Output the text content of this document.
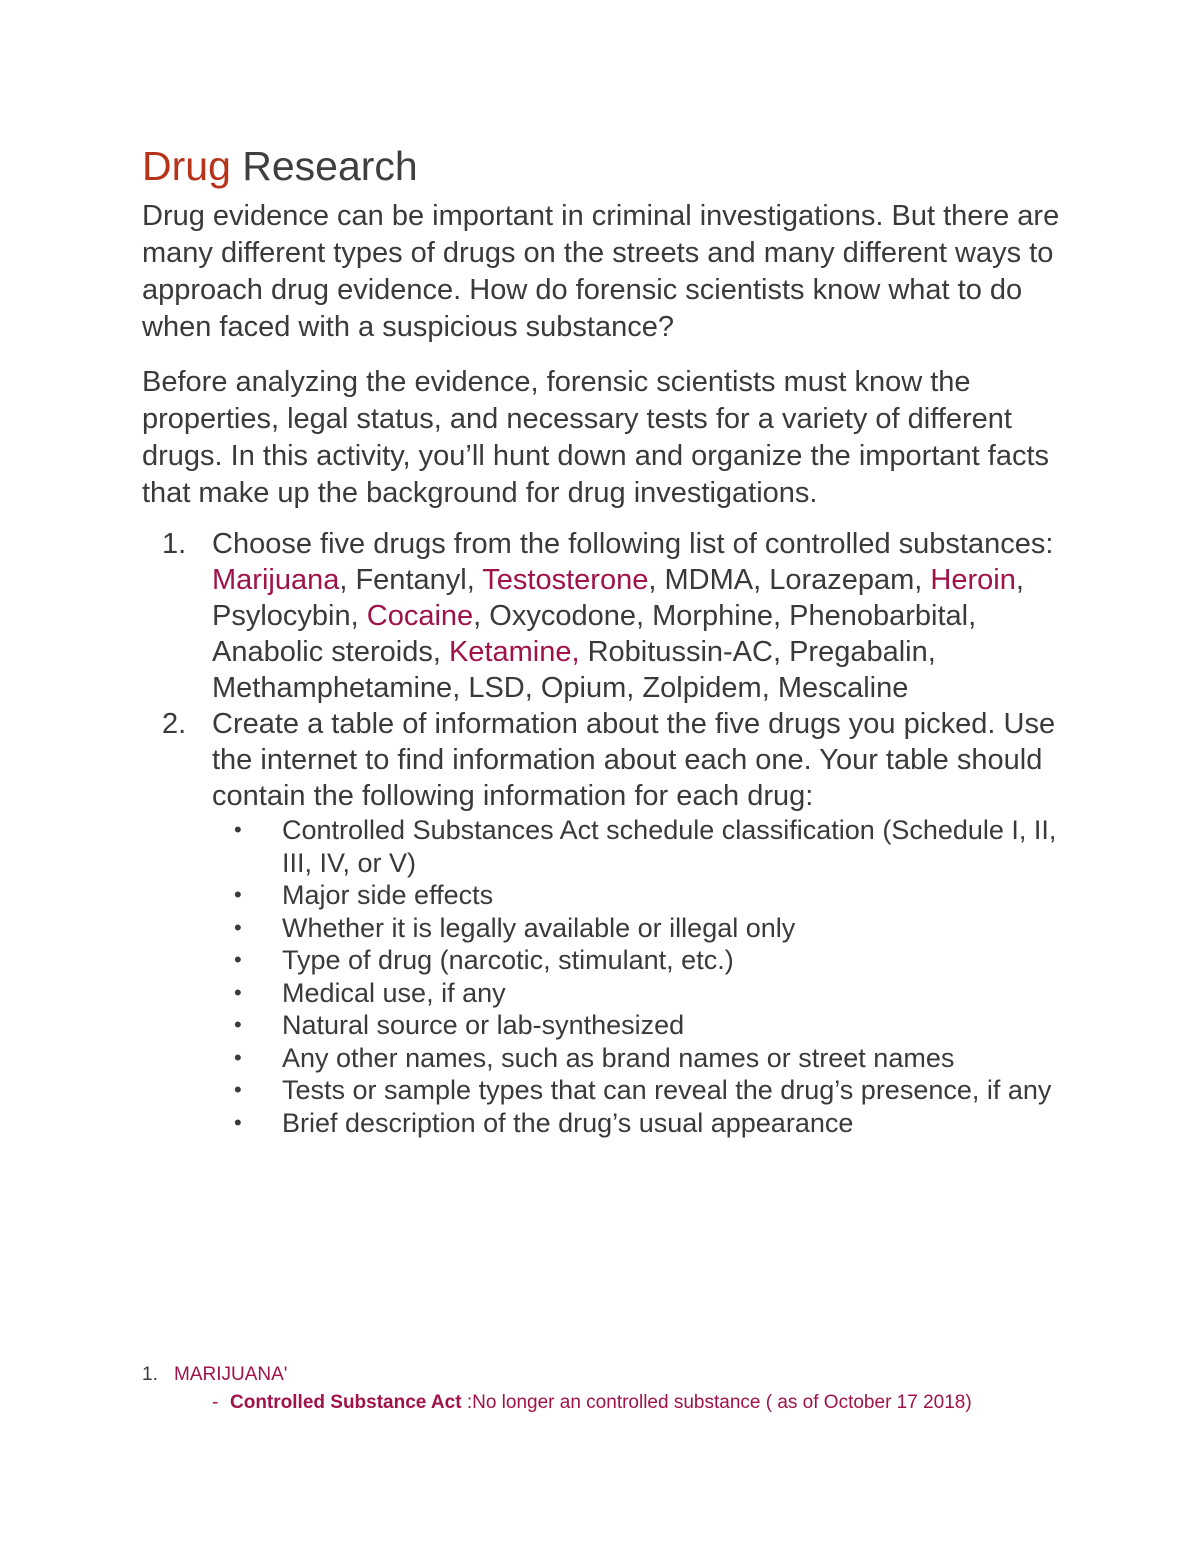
Drug Research

Drug evidence can be important in criminal investigations. But there are many different types of drugs on the streets and many different ways to approach drug evidence. How do forensic scientists know what to do when faced with a suspicious substance?

Before analyzing the evidence, forensic scientists must know the properties, legal status, and necessary tests for a variety of different drugs. In this activity, you’ll hunt down and organize the important facts that make up the background for drug investigations.

1. Choose five drugs from the following list of controlled substances: Marijuana, Fentanyl, Testosterone, MDMA, Lorazepam, Heroin, Psylocybin, Cocaine, Oxycodone, Morphine, Phenobarbital, Anabolic steroids, Ketamine, Robitussin-AC, Pregabalin, Methamphetamine, LSD, Opium, Zolpidem, Mescaline
2. Create a table of information about the five drugs you picked. Use the internet to find information about each one. Your table should contain the following information for each drug:
• Controlled Substances Act schedule classification (Schedule I, II, III, IV, or V)
• Major side effects
• Whether it is legally available or illegal only
• Type of drug (narcotic, stimulant, etc.)
• Medical use, if any
• Natural source or lab-synthesized
• Any other names, such as brand names or street names
• Tests or sample types that can reveal the drug’s presence, if any
• Brief description of the drug’s usual appearance
1. MARIJUANA'
- Controlled Substance Act :No longer an controlled substance ( as of October 17 2018)
